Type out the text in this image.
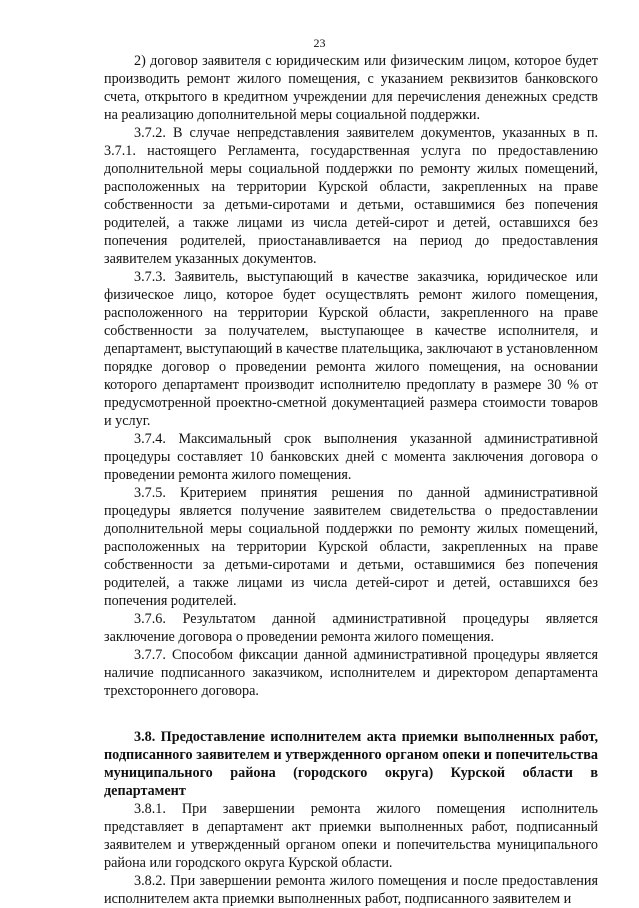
23

2) договор заявителя с юридическим или физическим лицом, которое будет производить ремонт жилого помещения, с указанием реквизитов банковского счета, открытого в кредитном учреждении для перечисления денежных средств на реализацию дополнительной меры социальной поддержки.

3.7.2. В случае непредставления заявителем документов, указанных в п. 3.7.1. настоящего Регламента, государственная услуга по предоставлению дополнительной меры социальной поддержки по ремонту жилых помещений, расположенных на территории Курской области, закрепленных на праве собственности за детьми-сиротами и детьми, оставшимися без попечения родителей, а также лицами из числа детей-сирот и детей, оставшихся без попечения родителей, приостанавливается на период до предоставления заявителем указанных документов.

3.7.3. Заявитель, выступающий в качестве заказчика, юридическое или физическое лицо, которое будет осуществлять ремонт жилого помещения, расположенного на территории Курской области, закрепленного на праве собственности за получателем, выступающее в качестве исполнителя, и департамент, выступающий в качестве плательщика, заключают в установленном порядке договор о проведении ремонта жилого помещения, на основании которого департамент производит исполнителю предоплату в размере 30 % от предусмотренной проектно-сметной документацией размера стоимости товаров и услуг.

3.7.4. Максимальный срок выполнения указанной административной процедуры составляет 10 банковских дней с момента заключения договора о проведении ремонта жилого помещения.

3.7.5. Критерием принятия решения по данной административной процедуры является получение заявителем свидетельства о предоставлении дополнительной меры социальной поддержки по ремонту жилых помещений, расположенных на территории Курской области, закрепленных на праве собственности за детьми-сиротами и детьми, оставшимися без попечения родителей, а также лицами из числа детей-сирот и детей, оставшихся без попечения родителей.

3.7.6. Результатом данной административной процедуры является заключение договора о проведении ремонта жилого помещения.

3.7.7. Способом фиксации данной административной процедуры является наличие подписанного заказчиком, исполнителем и директором департамента трехстороннего договора.

3.8. Предоставление исполнителем акта приемки выполненных работ, подписанного заявителем и утвержденного органом опеки и попечительства муниципального района (городского округа) Курской области в департамент

3.8.1. При завершении ремонта жилого помещения исполнитель представляет в департамент акт приемки выполненных работ, подписанный заявителем и утвержденный органом опеки и попечительства муниципального района или городского округа Курской области.

3.8.2. При завершении ремонта жилого помещения и после предоставления исполнителем акта приемки выполненных работ, подписанного заявителем и
